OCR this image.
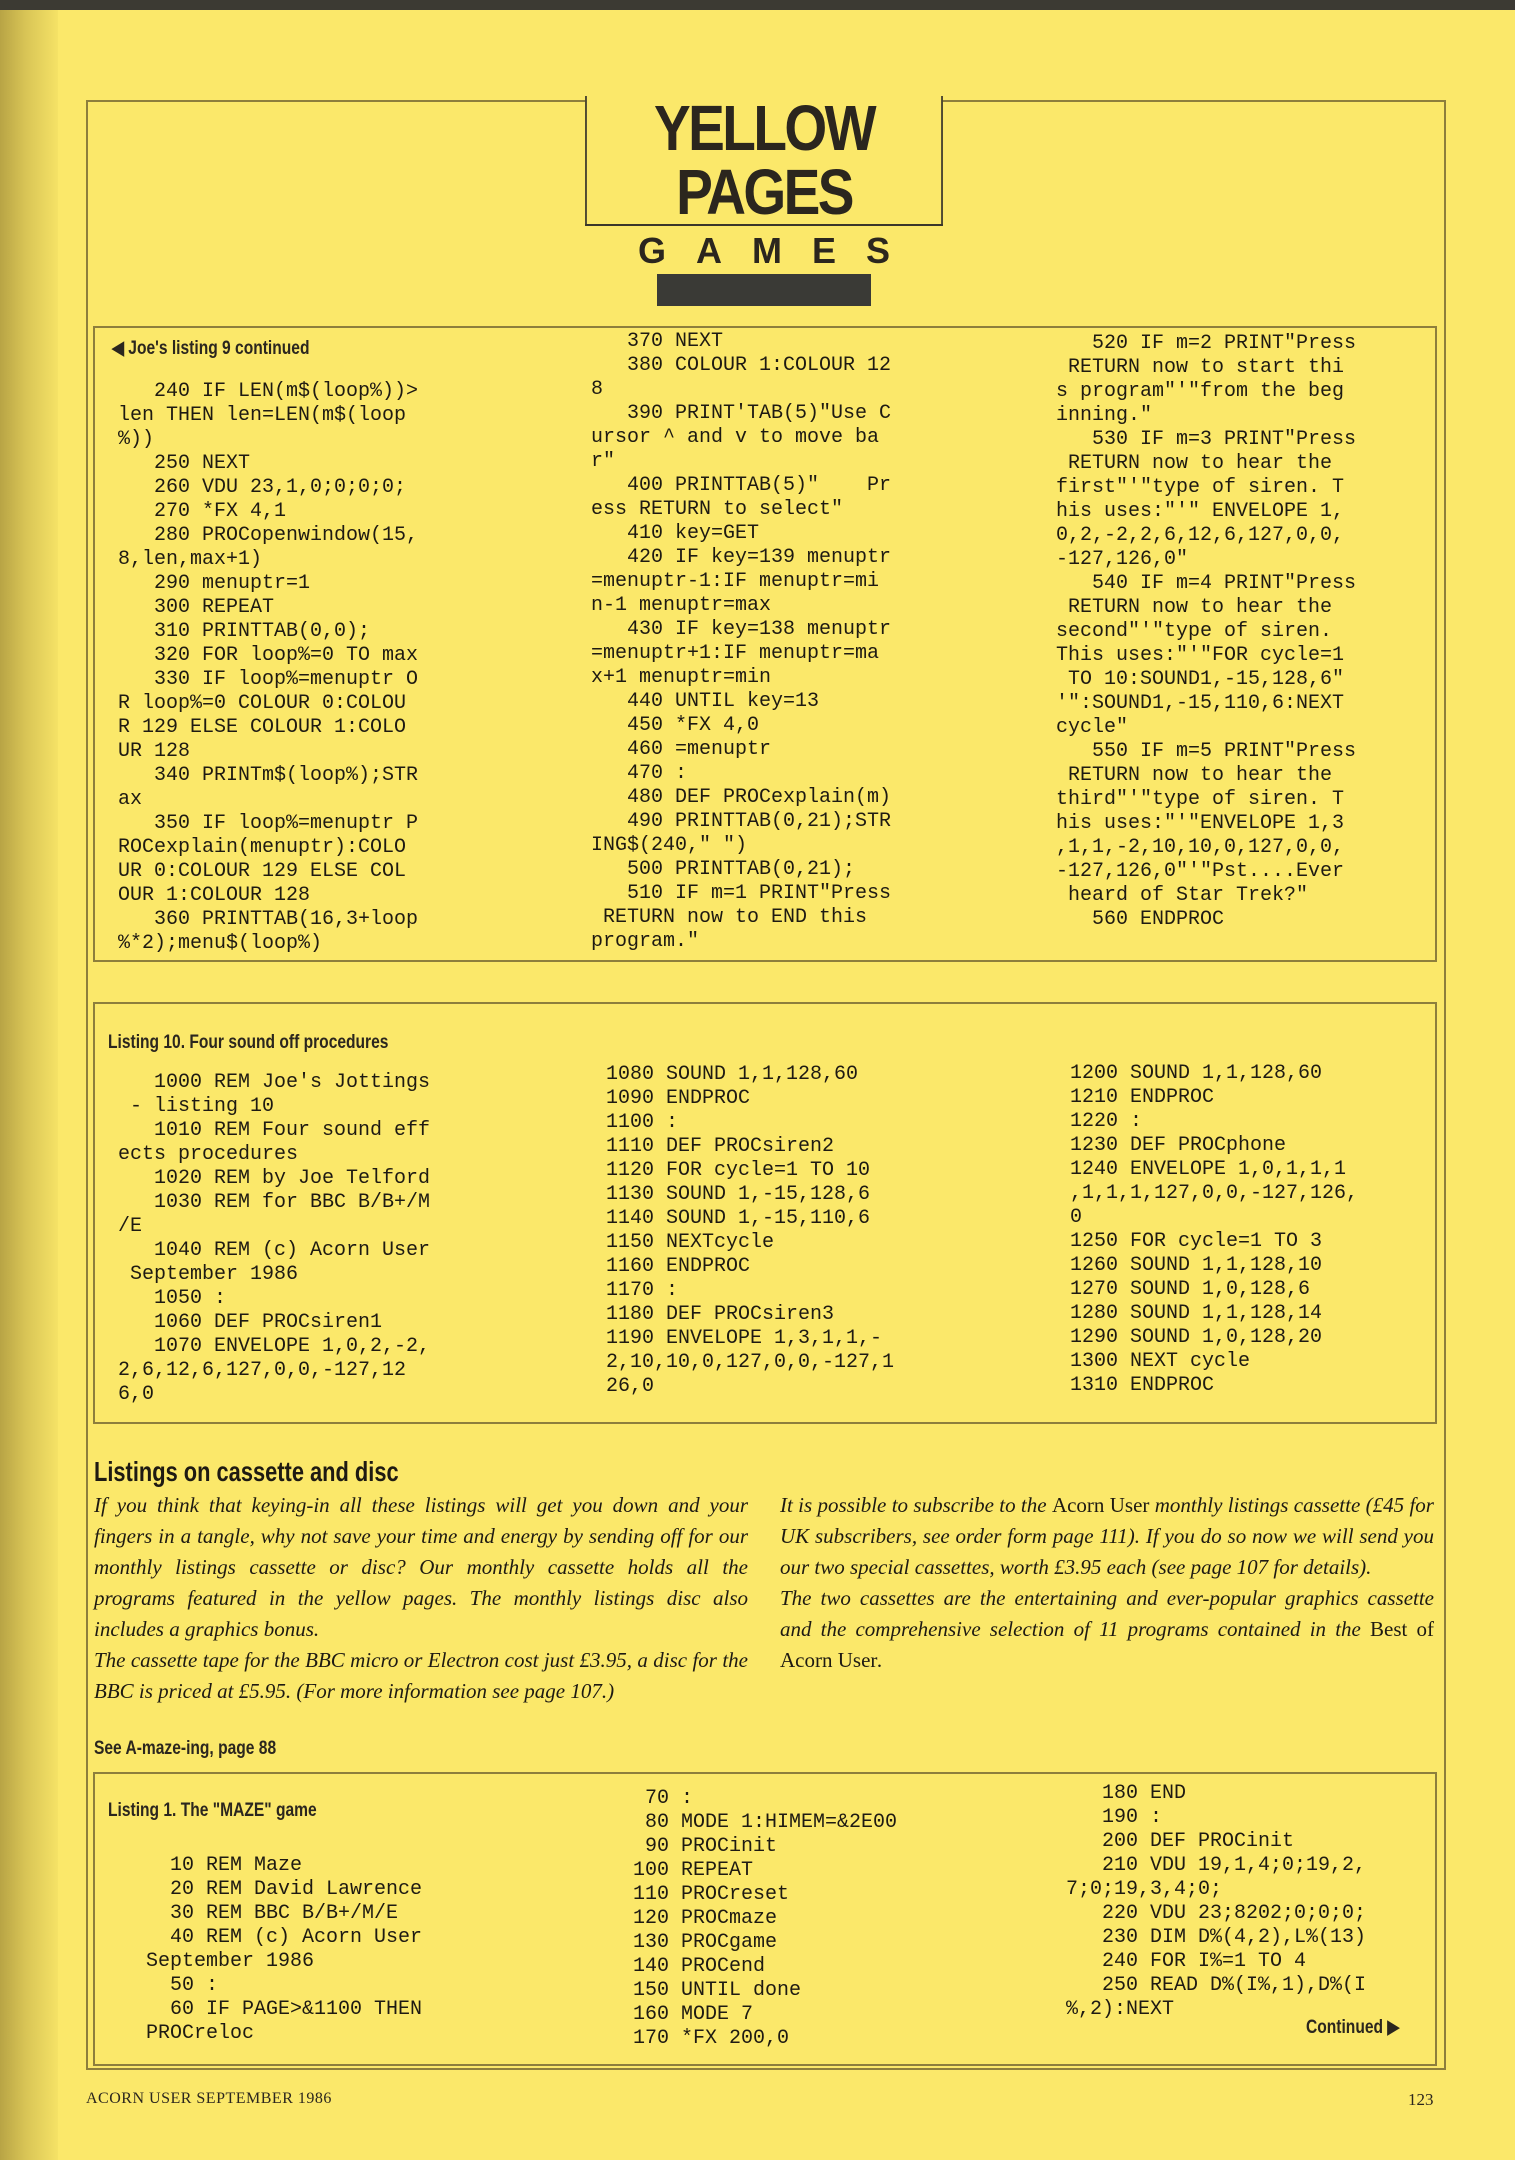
YELLOW PAGES
GAMES
◀ Joe's listing 9 continued
240 IF LEN(m$(loop%))>
len THEN len=LEN(m$(loop
%))
250 NEXT
260 VDU 23,1,0;0;0;0;
270 *FX 4,1
280 PROCopenwindow(15,
8,len,max+1)
290 menuptr=1
300 REPEAT
310 PRINTTAB(0,0);
320 FOR loop%=0 TO max
330 IF loop%=menuptr O
R loop%=0 COLOUR 0:COLOU
R 129 ELSE COLOUR 1:COLO
UR 128
340 PRINTm$(loop%);STR
ax
350 IF loop%=menuptr P
ROCexplain(menuptr):COLO
UR 0:COLOUR 129 ELSE COL
OUR 1:COLOUR 128
360 PRINTTAB(16,3+loop
%*2);menu$(loop%)
370 NEXT
380 COLOUR 1:COLOUR 12
8
390 PRINT'TAB(5)"Use C
ursor ^ and v to move ba
r"
400 PRINTTAB(5)"    Pr
ess RETURN to select"
410 key=GET
420 IF key=139 menuptr
=menuptr-1:IF menuptr=mi
n-1 menuptr=max
430 IF key=138 menuptr
=menuptr+1:IF menuptr=ma
x+1 menuptr=min
440 UNTIL key=13
450 *FX 4,0
460 =menuptr
470 :
480 DEF PROCexplain(m)
490 PRINTTAB(0,21);STR
ING$(240," ")
500 PRINTTAB(0,21);
510 IF m=1 PRINT"Press
RETURN now to END this
program."
520 IF m=2 PRINT"Press
RETURN now to start thi
s program"'"from the beg
inning."
530 IF m=3 PRINT"Press
RETURN now to hear the
first"'"type of siren. T
his uses:"'" ENVELOPE 1,
0,2,-2,2,6,12,6,127,0,0,
-127,126,0"
540 IF m=4 PRINT"Press
RETURN now to hear the
second"'"type of siren.
This uses:"'"FOR cycle=1
TO 10:SOUND1,-15,128,6"
'":SOUND1,-15,110,6:NEXT
cycle"
550 IF m=5 PRINT"Press
RETURN now to hear the
third"'"type of siren. T
his uses:"'"ENVELOPE 1,3
,1,1,-2,10,10,0,127,0,0,
-127,126,0"'"Pst....Ever
heard of Star Trek?"
560 ENDPROC
Listing 10. Four sound off procedures
1000 REM Joe's Jottings
- listing 10
1010 REM Four sound eff
ects procedures
1020 REM by Joe Telford
1030 REM for BBC B/B+/M
/E
1040 REM (c) Acorn User
September 1986
1050 :
1060 DEF PROCsiren1
1070 ENVELOPE 1,0,2,-2,
2,6,12,6,127,0,0,-127,12
6,0
1080 SOUND 1,1,128,60
1090 ENDPROC
1100 :
1110 DEF PROCsiren2
1120 FOR cycle=1 TO 10
1130 SOUND 1,-15,128,6
1140 SOUND 1,-15,110,6
1150 NEXTcycle
1160 ENDPROC
1170 :
1180 DEF PROCsiren3
1190 ENVELOPE 1,3,1,1,-
2,10,10,0,127,0,0,-127,1
26,0
1200 SOUND 1,1,128,60
1210 ENDPROC
1220 :
1230 DEF PROCphone
1240 ENVELOPE 1,0,1,1,1
,1,1,1,127,0,0,-127,126,
0
1250 FOR cycle=1 TO 3
1260 SOUND 1,1,128,10
1270 SOUND 1,0,128,6
1280 SOUND 1,1,128,14
1290 SOUND 1,0,128,20
1300 NEXT cycle
1310 ENDPROC
Listings on cassette and disc

If you think that keying-in all these listings will get you down and your fingers in a tangle, why not save your time and energy by sending off for our monthly listings cassette or disc? Our monthly cassette holds all the programs featured in the yellow pages. The monthly listings disc also includes a graphics bonus.

The cassette tape for the BBC micro or Electron cost just £3.95, a disc for the BBC is priced at £5.95. (For more information see page 107.)

It is possible to subscribe to the Acorn User monthly listings cassette (£45 for UK subscribers, see order form page 111). If you do so now we will send you our two special cassettes, worth £3.95 each (see page 107 for details).

The two cassettes are the entertaining and ever-popular graphics cassette and the comprehensive selection of 11 programs contained in the Best of Acorn User.

See A-maze-ing, page 88
Listing 1. The "MAZE" game
10 REM Maze
20 REM David Lawrence
30 REM BBC B/B+/M/E
40 REM (c) Acorn User
September 1986
50 :
60 IF PAGE>&1100 THEN
PROCreloc
70 :
80 MODE 1:HIMEM=&2E00
90 PROCinit
100 REPEAT
110 PROCreset
120 PROCmaze
130 PROCgame
140 PROCend
150 UNTIL done
160 MODE 7
170 *FX 200,0
180 END
190 :
200 DEF PROCinit
210 VDU 19,1,4;0;19,2,
7;0;19,3,4;0;
220 VDU 23;8202;0;0;0;
230 DIM D%(4,2),L%(13)
240 FOR I%=1 TO 4
250 READ D%(I%,1),D%(I
%,2):NEXT
Continued ▶
ACORN USER SEPTEMBER 1986	123
